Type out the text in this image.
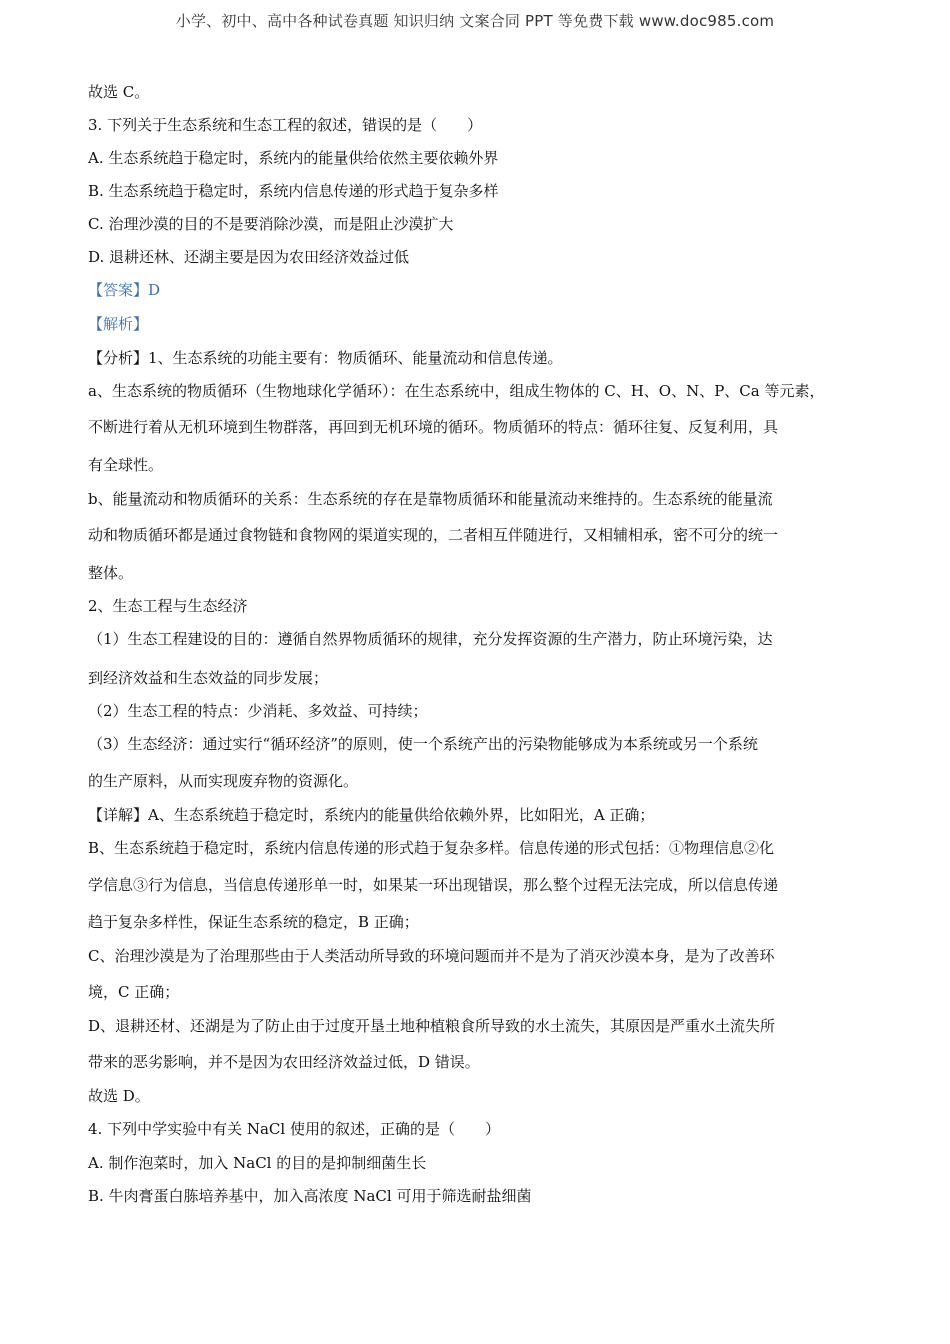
小学、初中、高中各种试卷真题 知识归纳 文案合同 PPT 等免费下载 www.doc985.com
故选 C。
3. 下列关于生态系统和生态工程的叙述，错误的是（　　）
A. 生态系统趋于稳定时，系统内的能量供给依然主要依赖外界
B. 生态系统趋于稳定时，系统内信息传递的形式趋于复杂多样
C. 治理沙漠的目的不是要消除沙漠，而是阻止沙漠扩大
D. 退耕还林、还湖主要是因为农田经济效益过低
【答案】D
【解析】
【分析】1、生态系统的功能主要有：物质循环、能量流动和信息传递。
a、生态系统的物质循环（生物地球化学循环）：在生态系统中，组成生物体的 C、H、O、N、P、Ca 等元素，
不断进行着从无机环境到生物群落，再回到无机环境的循环。物质循环的特点：循环往复、反复利用，具
有全球性。
b、能量流动和物质循环的关系：生态系统的存在是靠物质循环和能量流动来维持的。生态系统的能量流
动和物质循环都是通过食物链和食物网的渠道实现的，二者相互伴随进行，又相辅相承，密不可分的统一
整体。
2、生态工程与生态经济
（1）生态工程建设的目的：遵循自然界物质循环的规律，充分发挥资源的生产潜力，防止环境污染，达
到经济效益和生态效益的同步发展；
（2）生态工程的特点：少消耗、多效益、可持续；
（3）生态经济：通过实行“循环经济”的原则，使一个系统产出的污染物能够成为本系统或另一个系统
的生产原料，从而实现废弃物的资源化。
【详解】A、生态系统趋于稳定时，系统内的能量供给依赖外界，比如阳光，A 正确；
B、生态系统趋于稳定时，系统内信息传递的形式趋于复杂多样。信息传递的形式包括：①物理信息②化
学信息③行为信息，当信息传递形单一时，如果某一环出现错误，那么整个过程无法完成，所以信息传递
趋于复杂多样性，保证生态系统的稳定，B 正确；
C、治理沙漠是为了治理那些由于人类活动所导致的环境问题而并不是为了消灭沙漠本身，是为了改善环
境，C 正确；
D、退耕还材、还湖是为了防止由于过度开垦土地种植粮食所导致的水土流失，其原因是严重水土流失所
带来的恶劣影响，并不是因为农田经济效益过低，D 错误。
故选 D。
4. 下列中学实验中有关 NaCl 使用的叙述，正确的是（　　）
A. 制作泡菜时，加入 NaCl 的目的是抑制细菌生长
B. 牛肉膏蛋白胨培养基中，加入高浓度 NaCl 可用于筛选耐盐细菌
